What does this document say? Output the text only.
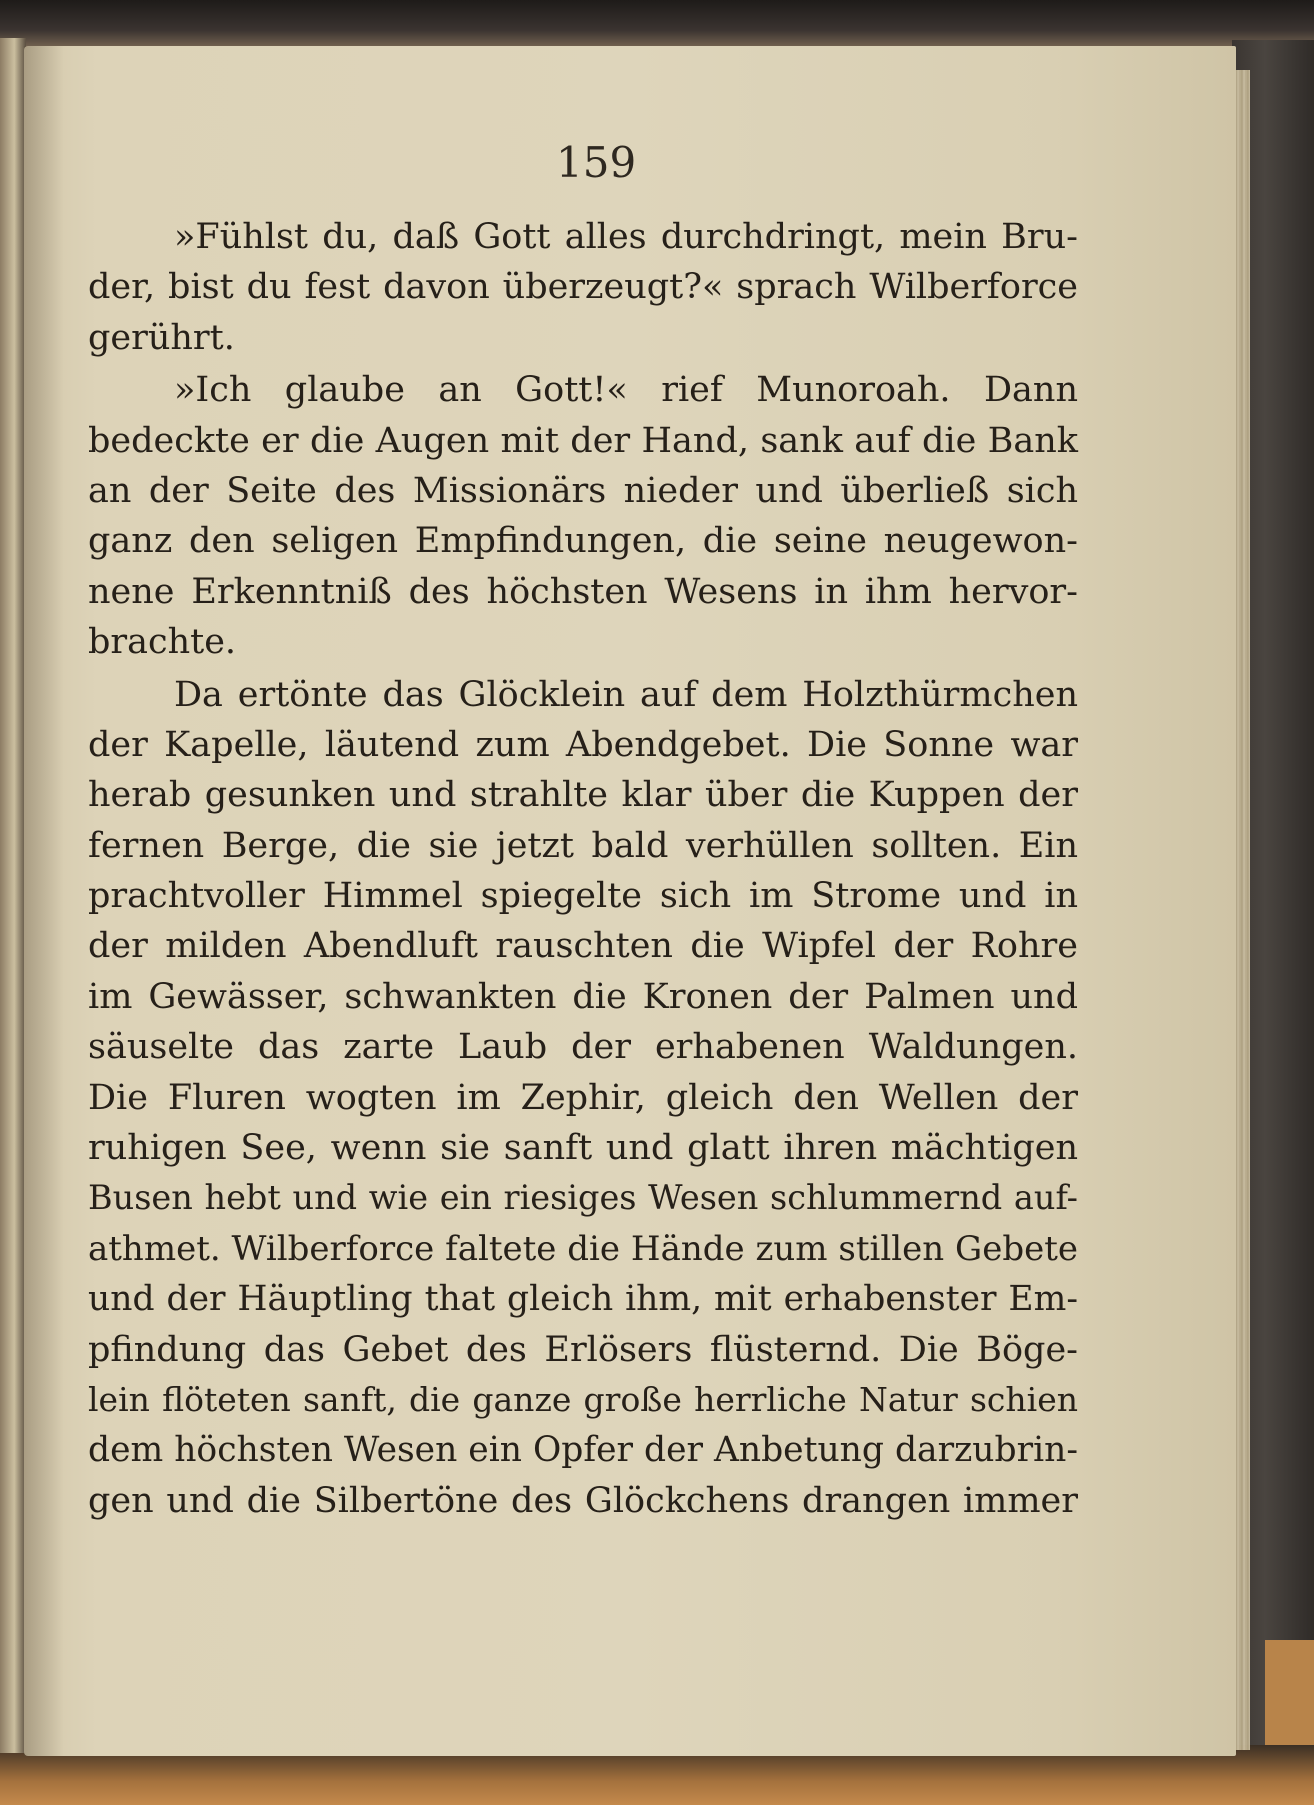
159
»Fühlst du, daß Gott alles durchdringt, mein Bru-
der, bist du fest davon überzeugt?« sprach Wilberforce
gerührt.
»Ich glaube an Gott!« rief Munoroah. Dann
bedeckte er die Augen mit der Hand, sank auf die Bank
an der Seite des Missionärs nieder und überließ sich
ganz den seligen Empfindungen, die seine neugewon-
nene Erkenntniß des höchsten Wesens in ihm hervor-
brachte.
Da ertönte das Glöcklein auf dem Holzthürmchen
der Kapelle, läutend zum Abendgebet. Die Sonne war
herab gesunken und strahlte klar über die Kuppen der
fernen Berge, die sie jetzt bald verhüllen sollten. Ein
prachtvoller Himmel spiegelte sich im Strome und in
der milden Abendluft rauschten die Wipfel der Rohre
im Gewässer, schwankten die Kronen der Palmen und
säuselte das zarte Laub der erhabenen Waldungen.
Die Fluren wogten im Zephir, gleich den Wellen der
ruhigen See, wenn sie sanft und glatt ihren mächtigen
Busen hebt und wie ein riesiges Wesen schlummernd auf-
athmet. Wilberforce faltete die Hände zum stillen Gebete
und der Häuptling that gleich ihm, mit erhabenster Em-
pfindung das Gebet des Erlösers flüsternd. Die Böge-
lein flöteten sanft, die ganze große herrliche Natur schien
dem höchsten Wesen ein Opfer der Anbetung darzubrin-
gen und die Silbertöne des Glöckchens drangen immer
